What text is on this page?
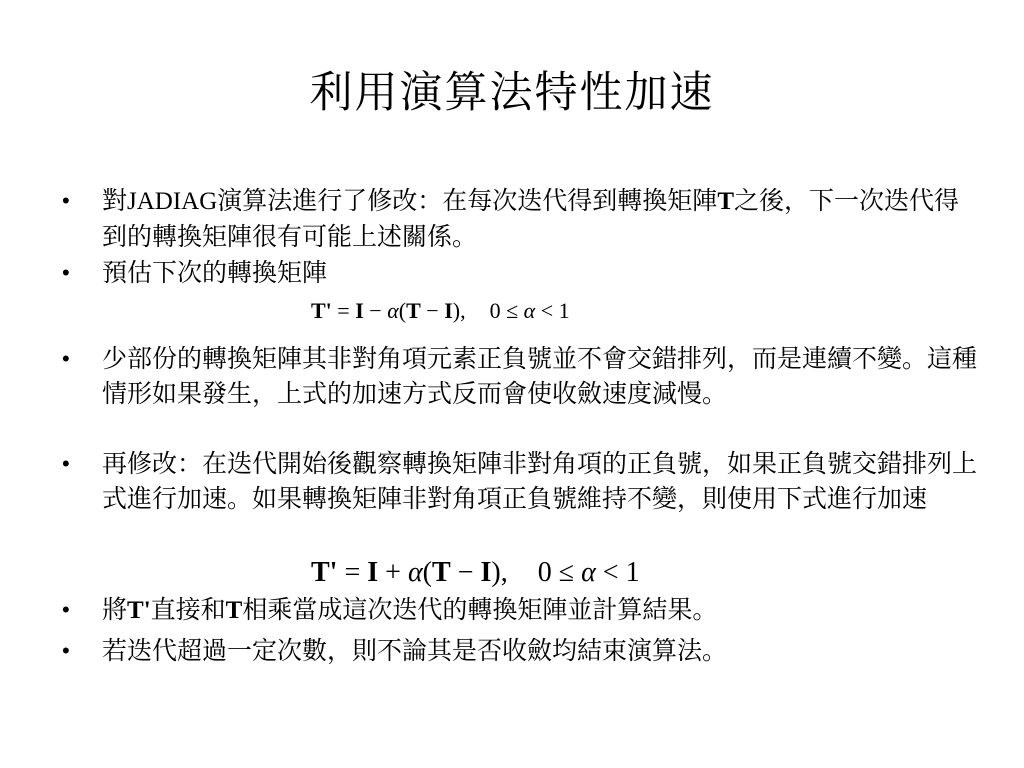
利用演算法特性加速
•	對JADIAG演算法進行了修改：在每次迭代得到轉換矩陣T之後，下一次迭代得到的轉換矩陣很有可能上述關係。
•	預估下次的轉換矩陣
T' = I − α(T − I), 0 ≤ α < 1
•	少部份的轉換矩陣其非對角項元素正負號並不會交錯排列，而是連續不變。這種情形如果發生，上式的加速方式反而會使收斂速度減慢。
•	再修改：在迭代開始後觀察轉換矩陣非對角項的正負號，如果正負號交錯排列上式進行加速。如果轉換矩陣非對角項正負號維持不變，則使用下式進行加速
T' = I + α(T − I), 0 ≤ α < 1
•	將T'直接和T相乘當成這次迭代的轉換矩陣並計算結果。
•	若迭代超過一定次數，則不論其是否收斂均結束演算法。
